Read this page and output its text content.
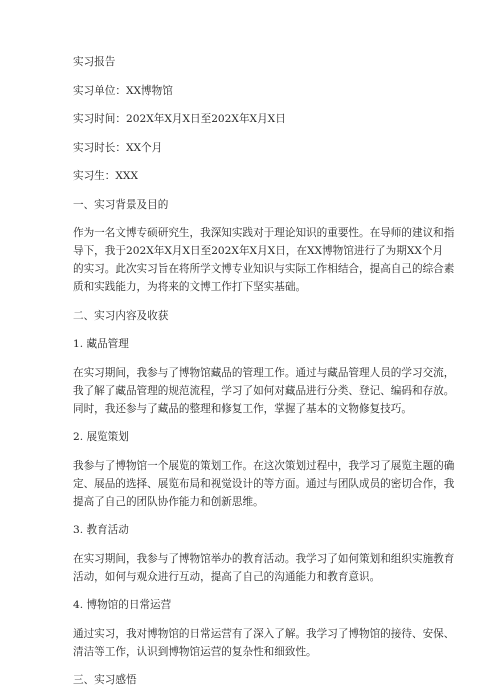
实习报告

实习单位：XX博物馆

实习时间：202X年X月X日至202X年X月X日

实习时长：XX个月

实习生：XXX

一、实习背景及目的

作为一名文博专硕研究生，我深知实践对于理论知识的重要性。在导师的建议和指
导下，我于202X年X月X日至202X年X月X日，在XX博物馆进行了为期XX个月
的实习。此次实习旨在将所学文博专业知识与实际工作相结合，提高自己的综合素
质和实践能力，为将来的文博工作打下坚实基础。

二、实习内容及收获

1. 藏品管理

在实习期间，我参与了博物馆藏品的管理工作。通过与藏品管理人员的学习交流，
我了解了藏品管理的规范流程，学习了如何对藏品进行分类、登记、编码和存放。
同时，我还参与了藏品的整理和修复工作，掌握了基本的文物修复技巧。

2. 展览策划

我参与了博物馆一个展览的策划工作。在这次策划过程中，我学习了展览主题的确
定、展品的选择、展览布局和视觉设计的等方面。通过与团队成员的密切合作，我
提高了自己的团队协作能力和创新思维。

3. 教育活动

在实习期间，我参与了博物馆举办的教育活动。我学习了如何策划和组织实施教育
活动，如何与观众进行互动，提高了自己的沟通能力和教育意识。

4. 博物馆的日常运营

通过实习，我对博物馆的日常运营有了深入了解。我学习了博物馆的接待、安保、
清洁等工作，认识到博物馆运营的复杂性和细致性。

三、实习感悟
